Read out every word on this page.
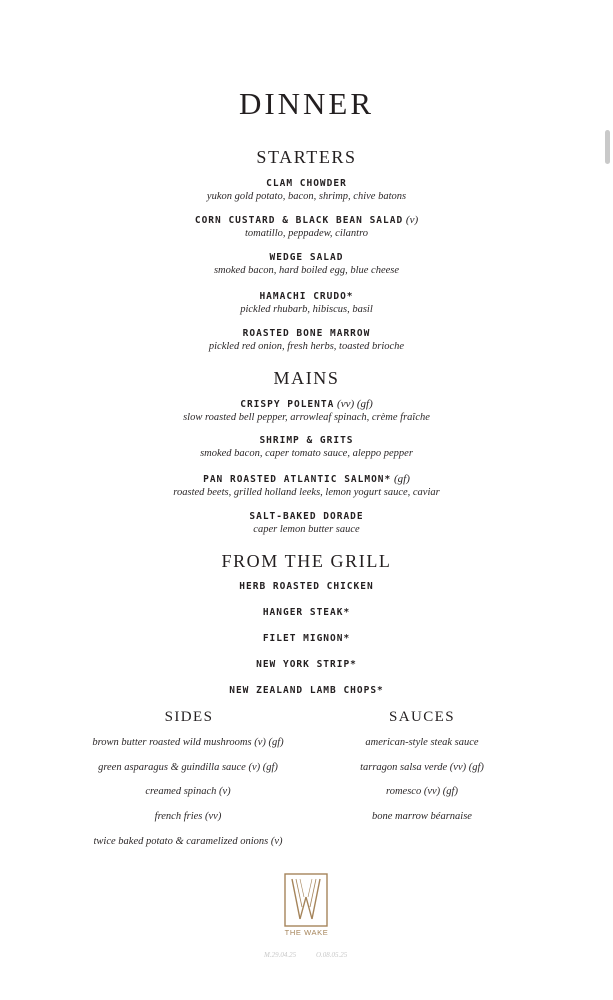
DINNER
STARTERS
CLAM CHOWDER
yukon gold potato, bacon, shrimp, chive batons
CORN CUSTARD & BLACK BEAN SALAD (v)
tomatillo, peppadew, cilantro
WEDGE SALAD
smoked bacon, hard boiled egg, blue cheese
HAMACHI CRUDO*
pickled rhubarb, hibiscus, basil
ROASTED BONE MARROW
pickled red onion, fresh herbs, toasted brioche
MAINS
CRISPY POLENTA (vv) (gf)
slow roasted bell pepper, arrowleaf spinach, crème fraîche
SHRIMP & GRITS
smoked bacon, caper tomato sauce, aleppo pepper
PAN ROASTED ATLANTIC SALMON* (gf)
roasted beets, grilled holland leeks, lemon yogurt sauce, caviar
SALT-BAKED DORADE
caper lemon butter sauce
FROM THE GRILL
HERB ROASTED CHICKEN
HANGER STEAK*
FILET MIGNON*
NEW YORK STRIP*
NEW ZEALAND LAMB CHOPS*
SIDES	SAUCES
brown butter roasted wild mushrooms (v) (gf)
green asparagus & guindilla sauce (v) (gf)
creamed spinach (v)
french fries (vv)
twice baked potato & caramelized onions (v)
american-style steak sauce
tarragon salsa verde (vv) (gf)
romesco (vv) (gf)
bone marrow béarnaise
THE WAKE
M.29.04.25	O.08.05.25
